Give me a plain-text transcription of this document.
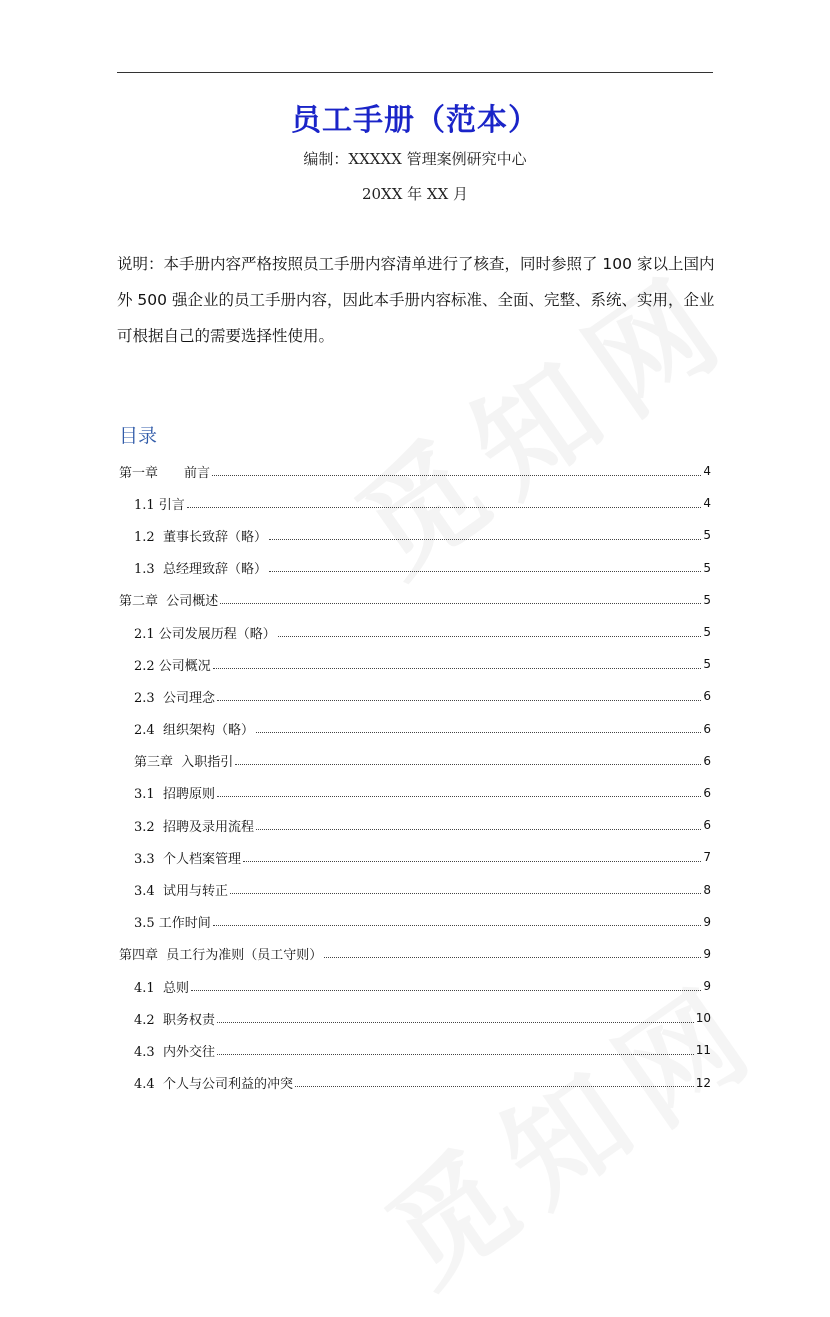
员工手册（范本）
编制：XXXXX 管理案例研究中心
20XX 年 XX 月
说明：本手册内容严格按照员工手册内容清单进行了核查，同时参照了 100 家以上国内外 500 强企业的员工手册内容，因此本手册内容标准、全面、完整、系统、实用，企业可根据自己的需要选择性使用。
目录
第一章　　前言	4
1.1 引言	4
1.2  董事长致辞（略）	5
1.3  总经理致辞（略）	5
第二章  公司概述	5
2.1 公司发展历程（略）	5
2.2 公司概况	5
2.3  公司理念	6
2.4  组织架构（略）	6
第三章  入职指引	6
3.1  招聘原则	6
3.2  招聘及录用流程	6
3.3  个人档案管理	7
3.4  试用与转正	8
3.5 工作时间	9
第四章  员工行为准则（员工守则）	9
4.1  总则	9
4.2  职务权责	10
4.3  内外交往	11
4.4  个人与公司利益的冲突	12
